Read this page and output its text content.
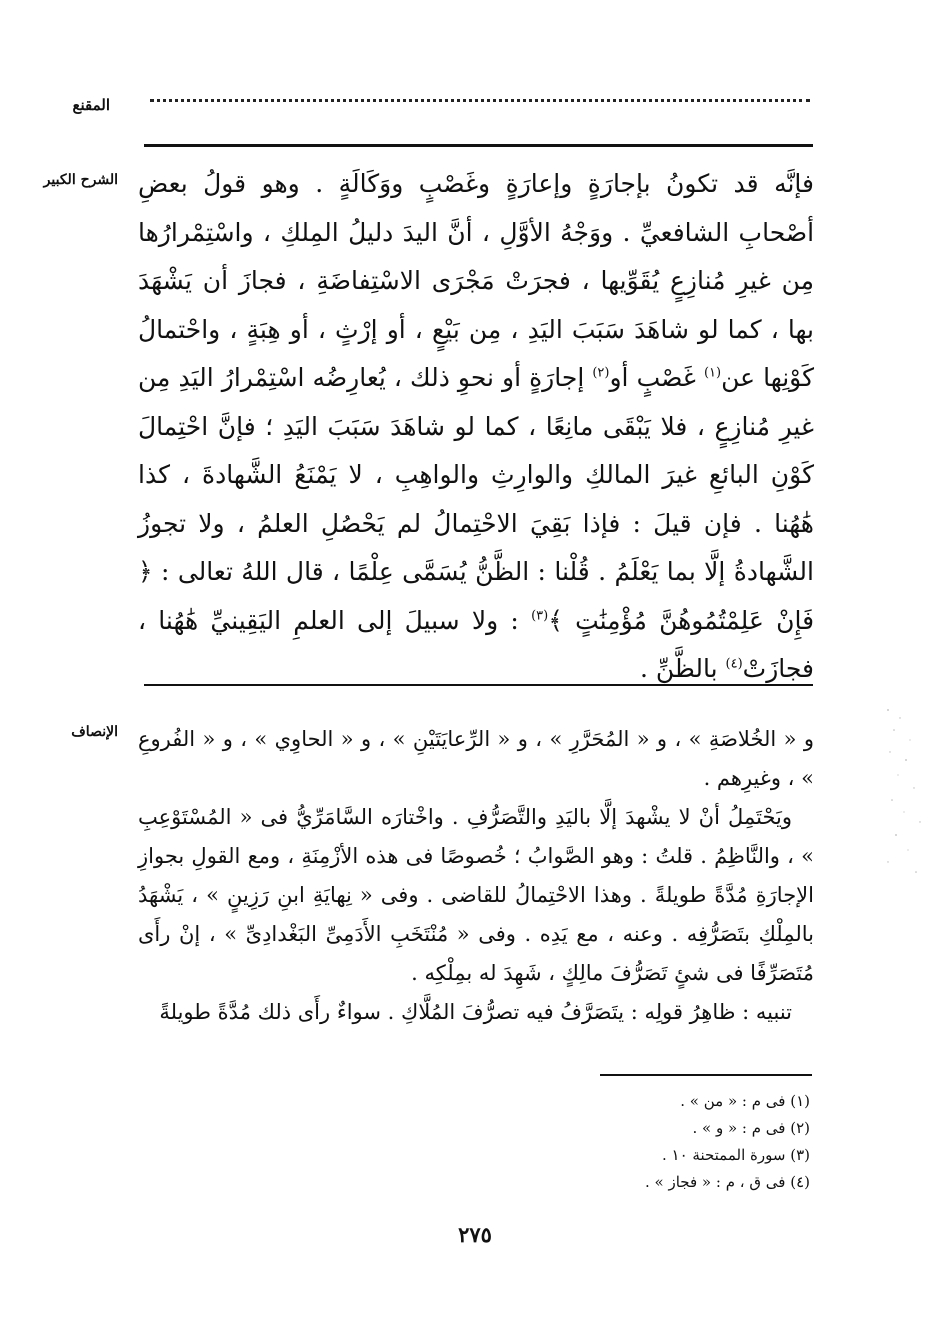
المقنع
الشرح الكبير فإنَّه قد تكونُ بإجارَةٍ وإعارَةٍ وغَصْبٍ ووَكَالَةٍ . وهو قولُ بعضِ أصْحابِ الشافعيِّ . ووَجْهُ الأوَّلِ ، أنَّ اليدَ دليلُ المِلكِ ، واسْتِمْرارُها مِن غيرِ مُنازِعٍ يُقَوِّيها ، فجرَتْ مَجْرَى الاسْتِفاضَةِ ، فجازَ أن يَشْهَدَ بها ، كما لو شاهَدَ سَبَبَ اليَدِ ، مِن بَيْعٍ ، أو إرْثٍ ، أو هِبَةٍ ، واحْتمالُ كَوْنِها عن$^{(١)}$ غَصْبٍ أو$^{(٢)}$ إجارَةٍ أو نحوِ ذلك ، يُعارِضُه اسْتِمْرارُ اليَدِ مِن غيرِ مُنازِعٍ ، فلا يَبْقَى مانِعًا ، كما لو شاهَدَ سَبَبَ اليَدِ ؛ فإنَّ احْتِمالَ كَوْنِ البائعِ غيرَ المالكِ والوارِثِ والواهِبِ ، لا يَمْنَعُ الشَّهادةَ ، كذا هَٰهُنا . فإن قيلَ : فإذا بَقِيَ الاحْتِمالُ لم يَحْصُلِ العلمُ ، ولا تجوزُ الشَّهادةُ إلَّا بما يَعْلَمُ . قُلْنا : الظَّنُّ يُسَمَّى عِلْمًا ، قال اللهُ تعالى : ﴿ فَإِنْ عَلِمْتُمُوهُنَّ مُؤْمِنَٰتٍ ﴾$^{(٣)}$ : ولا سبيلَ إلى العلمِ اليَقِينيِّ هَٰهُنا ، فجازَتْ$^{(٤)}$ بالظَّنِّ .

الإنصاف و « الخُلاصَةِ » ، و « المُحَرَّرِ » ، و « الرِّعايَتَيْنِ » ، و « الحاوِي » ، و « الفُروعِ » ، وغيرِهم .

ويَحْتَمِلُ أنْ لا يشْهدَ إلَّا باليَدِ والتَّصَرُّفِ . واخْتارَه السَّامَرِّيُّ فى « المُسْتَوْعِبِ » ، والنَّاظِمُ . قلتُ : وهو الصَّوابُ ؛ خُصوصًا فى هذه الأزْمِنَةِ ، ومع القولِ بجوازِ الإجارَةِ مُدَّةً طويلةً . وهذا الاحْتِمالُ للقاضى . وفى « نِهايَةِ ابنِ رَزِينٍ » ، يَشْهَدُ بالمِلْكِ بتَصَرُّفِه . وعنه ، مع يَدِه . وفى « مُنْتَخَبِ الأَدَمِىِّ البَغْدادِىِّ » ، إنْ رأَى مُتَصَرِّفًا فى شئٍ تَصَرُّفَ مالِكٍ ، شَهِدَ له بمِلْكِه .

تنبيه : ظاهِرُ قولِه : يتَصَرَّفُ فيه تصرُّفَ المُلَّاكِ . سواءٌ رأَى ذلك مُدَّةً طويلةً

(١) فى م : « من » .
(٢) فى م : « و » .
(٣) سورة الممتحنة ١٠ .
(٤) فى ق ، م : « فجاز » .
٢٧٥
